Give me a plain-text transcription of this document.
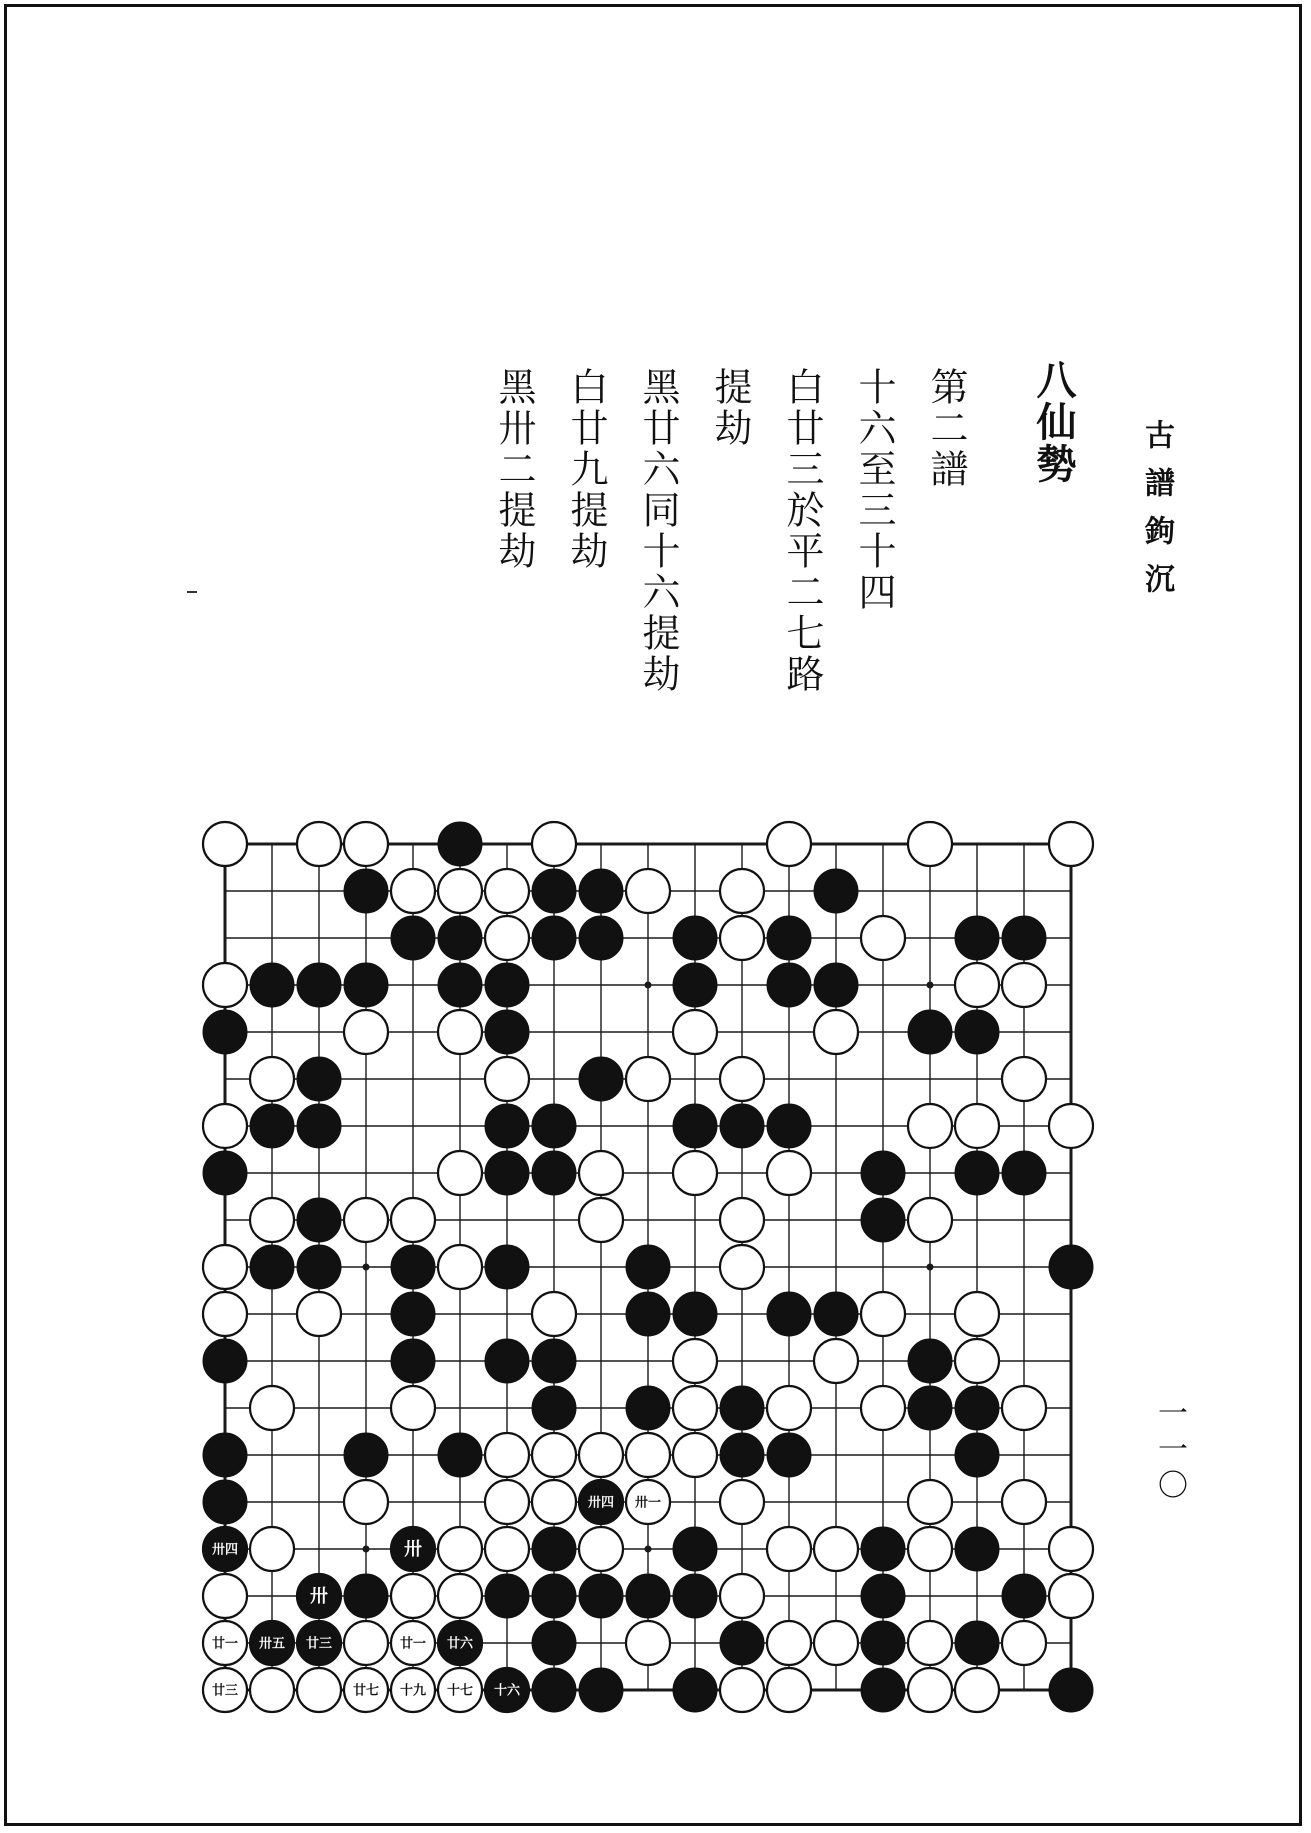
古譜鉤沉
八仙勢
第二譜
十六至三十四
白廿三於平二七路
提劫
黑廿六同十六提劫
白廿九提劫
黑卅二提劫
一一〇
卅四 卅一
卅四	卅
卅
廿一 卅五 廿三	廿一 廿六
廿三	廿七 十九 十七 十六
